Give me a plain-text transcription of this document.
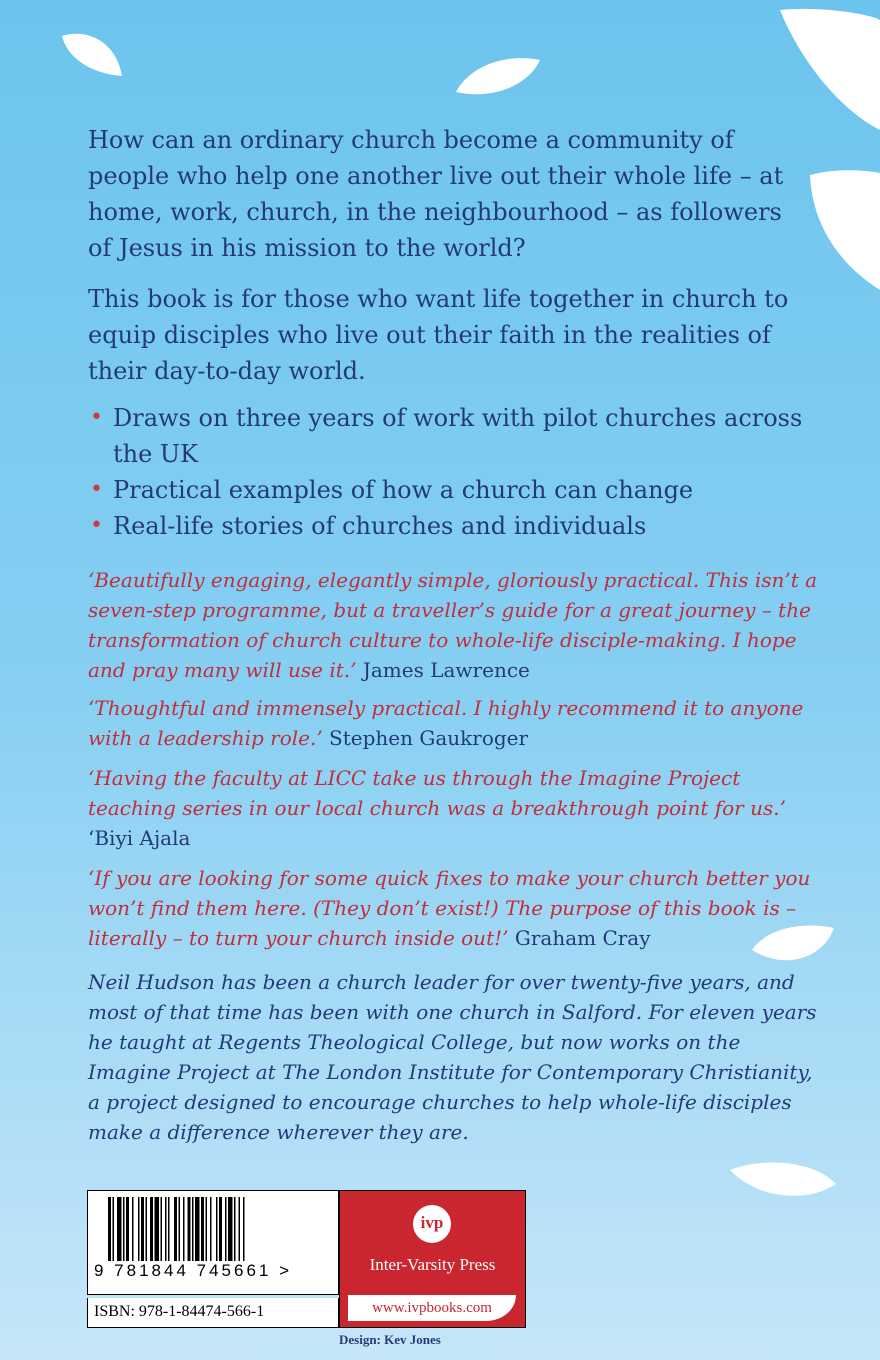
How can an ordinary church become a community of people who help one another live out their whole life – at home, work, church, in the neighbourhood – as followers of Jesus in his mission to the world?

This book is for those who want life together in church to equip disciples who live out their faith in the realities of their day-to-day world.

• Draws on three years of work with pilot churches across the UK
• Practical examples of how a church can change
• Real-life stories of churches and individuals

‘Beautifully engaging, elegantly simple, gloriously practical. This isn’t a seven-step programme, but a traveller’s guide for a great journey – the transformation of church culture to whole-life disciple-making. I hope and pray many will use it.’ James Lawrence

‘Thoughtful and immensely practical. I highly recommend it to anyone with a leadership role.’ Stephen Gaukroger

‘Having the faculty at LICC take us through the Imagine Project teaching series in our local church was a breakthrough point for us.’ ‘Biyi Ajala

‘If you are looking for some quick fixes to make your church better you won’t find them here. (They don’t exist!) The purpose of this book is – literally – to turn your church inside out!’ Graham Cray

Neil Hudson has been a church leader for over twenty-five years, and most of that time has been with one church in Salford. For eleven years he taught at Regents Theological College, but now works on the Imagine Project at The London Institute for Contemporary Christianity, a project designed to encourage churches to help whole-life disciples make a difference wherever they are.

9 781844 745661 >
ISBN: 978-1-84474-566-1
ivp
Inter-Varsity Press
www.ivpbooks.com
Design: Kev Jones
